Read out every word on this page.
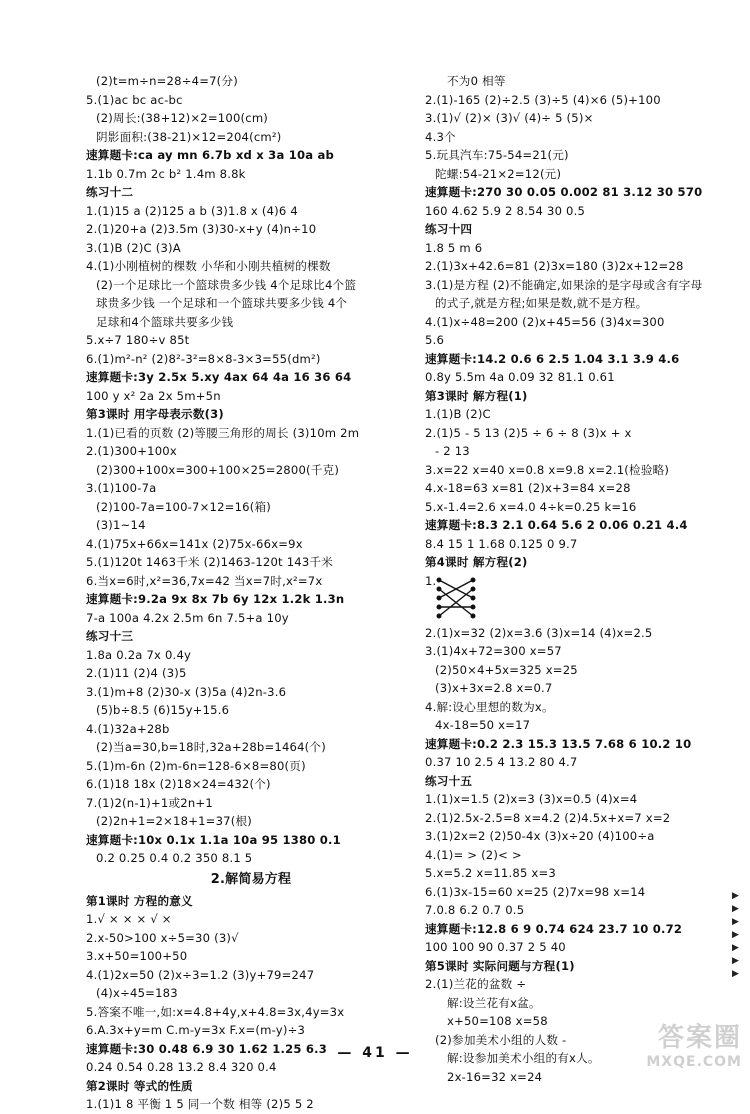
(2)t=m÷n=28÷4=7(分)
5.(1)ac bc ac-bc
(2)周长:(38+12)×2=100(cm)
阴影面积:(38-21)×12=204(cm²)
速算题卡:ca ay mn 6.7b xd x 3a 10a ab
1.1b 0.7m 2c b² 1.4m 8.8k
练习十二
1.(1)15 a (2)125 a b (3)1.8 x (4)6 4
2.(1)20+a (2)3.5m (3)30-x+y (4)n÷10
3.(1)B (2)C (3)A
4.(1)小刚植树的棵数 小华和小刚共植树的棵数
(2)一个足球比一个篮球贵多少钱 4个足球比4个篮
球贵多少钱 一个足球和一个篮球共要多少钱 4个
足球和4个篮球共要多少钱
5.x÷7 180÷v 85t
6.(1)m²-n² (2)8²-3²=8×8-3×3=55(dm²)
速算题卡:3y 2.5x 5.xy 4ax 64 4a 16 36 64
100 y x² 2a 2x 5m+5n
第3课时 用字母表示数(3)
1.(1)已看的页数 (2)等腰三角形的周长 (3)10m 2m
2.(1)300+100x
(2)300+100x=300+100×25=2800(千克)
3.(1)100-7a
(2)100-7a=100-7×12=16(箱)
(3)1~14
4.(1)75x+66x=141x (2)75x-66x=9x
5.(1)120t 1463千米 (2)1463-120t 143千米
6.当x=6时,x²=36,7x=42 当x=7时,x²=7x
速算题卡:9.2a 9x 8x 7b 6y 12x 1.2k 1.3n
7-a 100a 4.2x 2.5m 6n 7.5+a 10y
练习十三
1.8a 0.2a 7x 0.4y
2.(1)11 (2)4 (3)5
3.(1)m+8 (2)30-x (3)5a (4)2n-3.6
(5)b÷8.5 (6)15y+15.6
4.(1)32a+28b
(2)当a=30,b=18时,32a+28b=1464(个)
5.(1)m-6n (2)m-6n=128-6×8=80(页)
6.(1)18 18x (2)18×24=432(个)
7.(1)2(n-1)+1或2n+1
(2)2n+1=2×18+1=37(根)
速算题卡:10x 0.1x 1.1a 10a 95 1380 0.1
0.2 0.25 0.4 0.2 350 8.1 5
2.解简易方程
第1课时 方程的意义
1.√ × × × √ ×
2.x-50>100 x÷5=30 (3)√
3.x+50=100+50
4.(1)2x=50 (2)x÷3=1.2 (3)y+79=247
(4)x÷45=183
5.答案不唯一,如:x=4.8+4y,x+4.8=3x,4y=3x
6.A.3x+y=m C.m-y=3x F.x=(m-y)÷3
速算题卡:30 0.48 6.9 30 1.62 1.25 6.3
0.24 0.54 0.28 13.2 8.4 320 0.4
第2课时 等式的性质
1.(1)1 8 平衡 1 5 同一个数 相等 (2)5 5 2
不为0 相等
2.(1)-165 (2)÷2.5 (3)÷5 (4)×6 (5)+100
3.(1)√ (2)× (3)√ (4)÷ 5 (5)×
4.3个
5.玩具汽车:75-54=21(元)
陀螺:54-21×2=12(元)
速算题卡:270 30 0.05 0.002 81 3.12 30 570
160 4.62 5.9 2 8.54 30 0.5
练习十四
1.8 5 m 6
2.(1)3x+42.6=81 (2)3x=180 (3)2x+12=28
3.(1)是方程 (2)不能确定,如果涂的是字母或含有字母
的式子,就是方程;如果是数,就不是方程。
4.(1)x÷48=200 (2)x+45=56 (3)4x=300
5.6
速算题卡:14.2 0.6 6 2.5 1.04 3.1 3.9 4.6
0.8y 5.5m 4a 0.09 32 81.1 0.61
第3课时 解方程(1)
1.(1)B (2)C
2.(1)5 - 5 13 (2)5 ÷ 6 ÷ 8 (3)x + x
- 2 13
3.x=22 x=40 x=0.8 x=9.8 x=2.1(检验略)
4.x-18=63 x=81 (2)x+3=84 x=28
5.x-1.4=2.6 x=4.0 4÷k=0.25 k=16
速算题卡:8.3 2.1 0.64 5.6 2 0.06 0.21 4.4
8.4 15 1 1.68 0.125 0 9.7
第4课时 解方程(2)
1.
2.(1)x=32 (2)x=3.6 (3)x=14 (4)x=2.5
3.(1)4x+72=300 x=57
(2)50×4+5x=325 x=25
(3)x+3x=2.8 x=0.7
4.解:设心里想的数为x。
4x-18=50 x=17
速算题卡:0.2 2.3 15.3 13.5 7.68 6 10.2 10
0.37 10 2.5 4 13.2 80 4.7
练习十五
1.(1)x=1.5 (2)x=3 (3)x=0.5 (4)x=4
2.(1)2.5x-2.5=8 x=4.2 (2)4.5x+x=7 x=2
3.(1)2x=2 (2)50-4x (3)x÷20 (4)100÷a
4.(1)= > (2)< >
5.x=5.2 x=11.85 x=3
6.(1)3x-15=60 x=25 (2)7x=98 x=14
7.0.8 6.2 0.7 0.5
速算题卡:12.8 6 9 0.74 624 23.7 10 0.72
100 100 90 0.37 2 5 40
第5课时 实际问题与方程(1)
2.(1)兰花的盆数 ÷
解:设兰花有x盆。
x+50=108 x=58
(2)参加美术小组的人数 -
解:设参加美术小组的有x人。
2x-16=32 x=24
▶
▶
▶
▶
▶
▶
▶
— 41 —	答案圈
MXQE.COM
